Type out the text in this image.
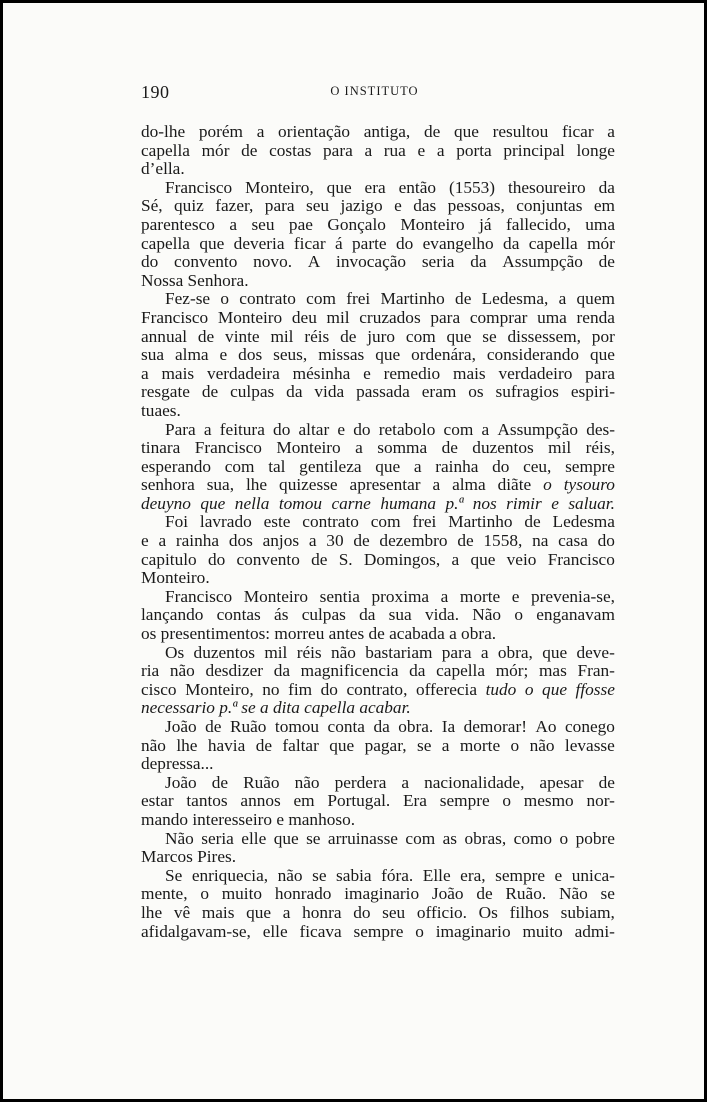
190	O INSTITUTO
do-lhe porém a orientação antiga, de que resultou ficar a
capella mór de costas para a rua e a porta principal longe
d’ella.
Francisco Monteiro, que era então (1553) thesoureiro da
Sé, quiz fazer, para seu jazigo e das pessoas, conjuntas em
parentesco a seu pae Gonçalo Monteiro já fallecido, uma
capella que deveria ficar á parte do evangelho da capella mór
do convento novo. A invocação seria da Assumpção de
Nossa Senhora.
Fez-se o contrato com frei Martinho de Ledesma, a quem
Francisco Monteiro deu mil cruzados para comprar uma renda
annual de vinte mil réis de juro com que se dissessem, por
sua alma e dos seus, missas que ordenára, considerando que
a mais verdadeira mésinha e remedio mais verdadeiro para
resgate de culpas da vida passada eram os sufragios espiri-
tuaes.
Para a feitura do altar e do retabolo com a Assumpção des-
tinara Francisco Monteiro a somma de duzentos mil réis,
esperando com tal gentileza que a rainha do ceu, sempre
senhora sua, lhe quizesse apresentar a alma diãte o tysouro
deuyno que nella tomou carne humana p.ª nos rimir e saluar.
Foi lavrado este contrato com frei Martinho de Ledesma
e a rainha dos anjos a 30 de dezembro de 1558, na casa do
capitulo do convento de S. Domingos, a que veio Francisco
Monteiro.
Francisco Monteiro sentia proxima a morte e prevenia-se,
lançando contas ás culpas da sua vida. Não o enganavam
os presentimentos: morreu antes de acabada a obra.
Os duzentos mil réis não bastariam para a obra, que deve-
ria não desdizer da magnificencia da capella mór; mas Fran-
cisco Monteiro, no fim do contrato, offerecia tudo o que ffosse
necessario p.ª se a dita capella acabar.
João de Ruão tomou conta da obra. Ia demorar! Ao conego
não lhe havia de faltar que pagar, se a morte o não levasse
depressa...
João de Ruão não perdera a nacionalidade, apesar de
estar tantos annos em Portugal. Era sempre o mesmo nor-
mando interesseiro e manhoso.
Não seria elle que se arruinasse com as obras, como o pobre
Marcos Pires.
Se enriquecia, não se sabia fóra. Elle era, sempre e unica-
mente, o muito honrado imaginario João de Ruão. Não se
lhe vê mais que a honra do seu officio. Os filhos subiam,
afidalgavam-se, elle ficava sempre o imaginario muito admi-
